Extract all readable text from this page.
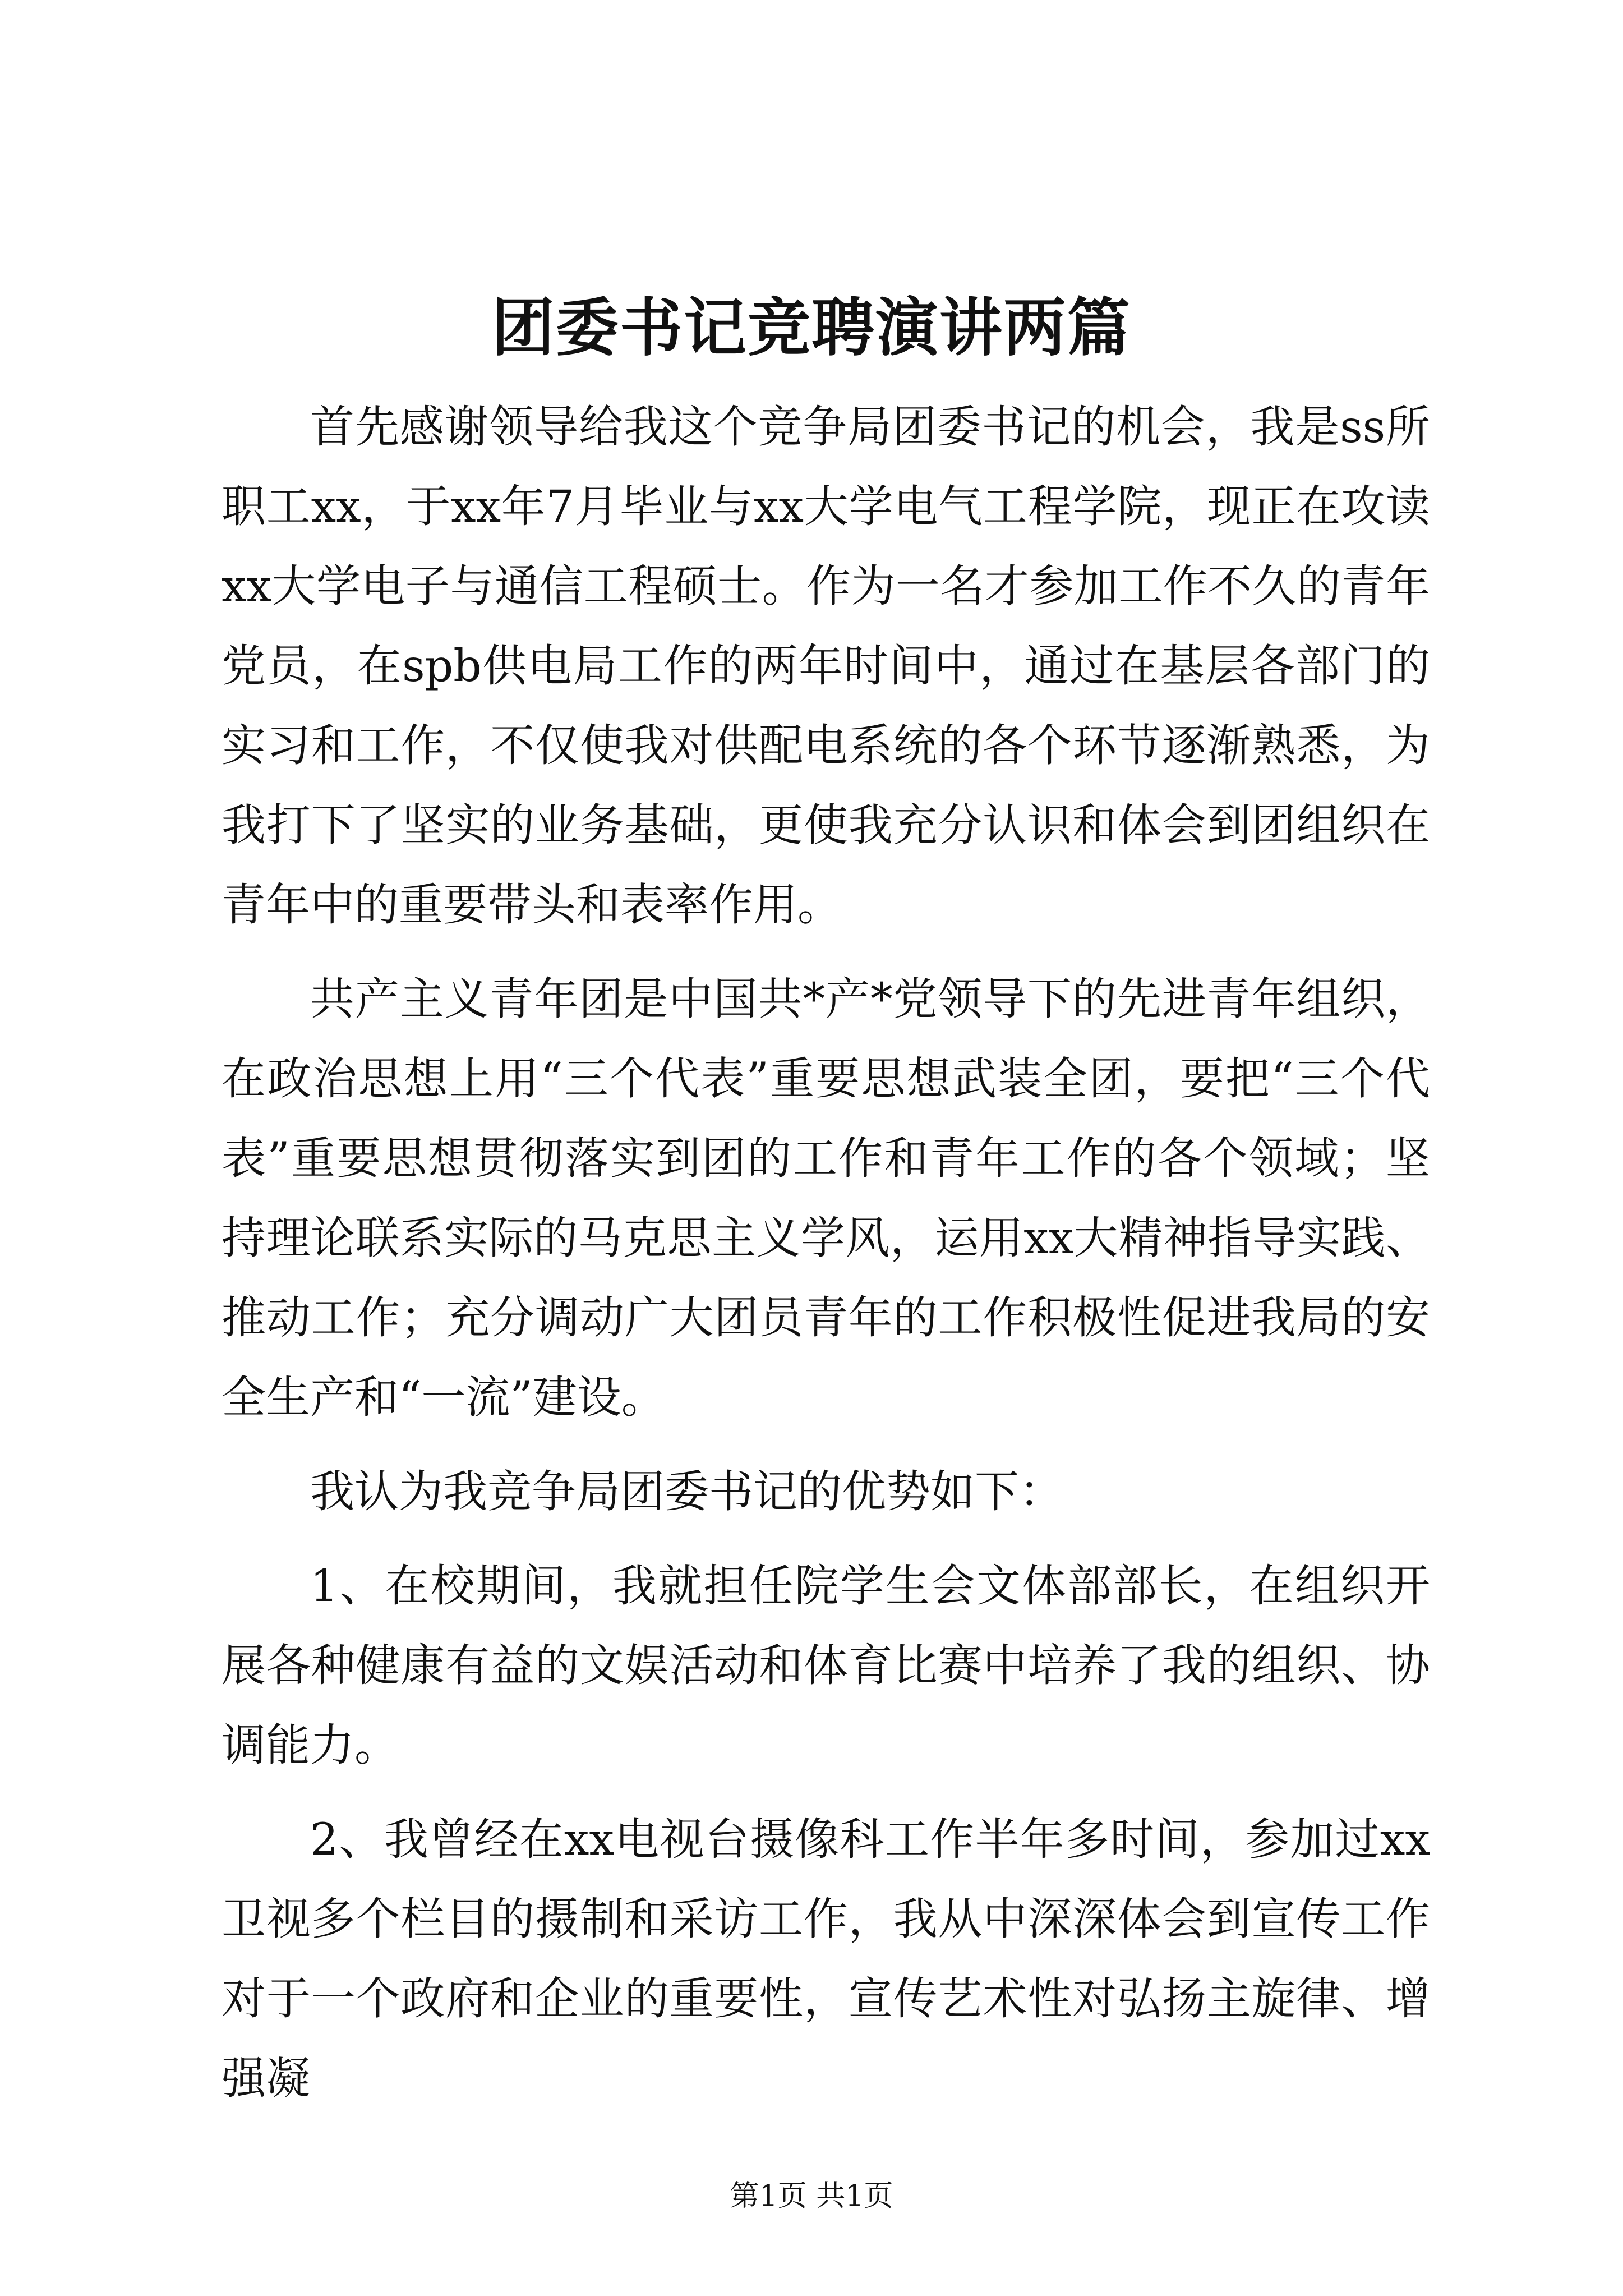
团委书记竞聘演讲两篇

首先感谢领导给我这个竞争局团委书记的机会，我是ss所职工xx，于xx年7月毕业与xx大学电气工程学院，现正在攻读xx大学电子与通信工程硕士。作为一名才参加工作不久的青年党员，在spb供电局工作的两年时间中，通过在基层各部门的实习和工作，不仅使我对供配电系统的各个环节逐渐熟悉，为我打下了坚实的业务基础，更使我充分认识和体会到团组织在青年中的重要带头和表率作用。

共产主义青年团是中国共*产*党领导下的先进青年组织，在政治思想上用“三个代表”重要思想武装全团，要把“三个代表”重要思想贯彻落实到团的工作和青年工作的各个领域；坚持理论联系实际的马克思主义学风，运用xx大精神指导实践、推动工作；充分调动广大团员青年的工作积极性促进我局的安全生产和“一流”建设。

我认为我竞争局团委书记的优势如下：

1、在校期间，我就担任院学生会文体部部长，在组织开展各种健康有益的文娱活动和体育比赛中培养了我的组织、协调能力。

2、我曾经在xx电视台摄像科工作半年多时间，参加过xx卫视多个栏目的摄制和采访工作，我从中深深体会到宣传工作对于一个政府和企业的重要性，宣传艺术性对弘扬主旋律、增强凝

第1页 共1页
